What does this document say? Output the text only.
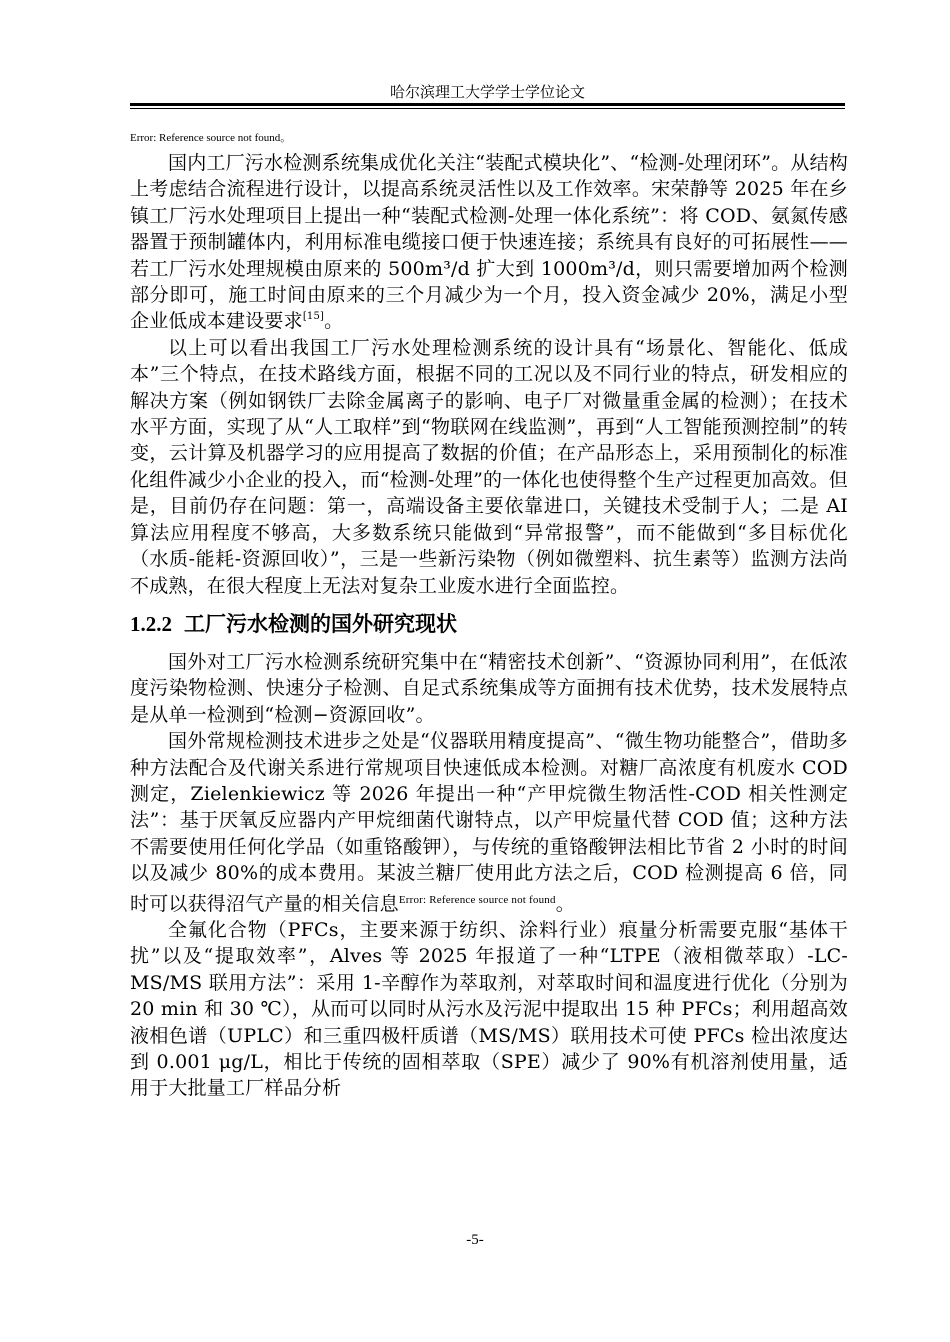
哈尔滨理工大学学士学位论文
Error: Reference source not found。

国内工厂污水检测系统集成优化关注“装配式模块化”、“检测-处理闭环”。从结构上考虑结合流程进行设计，以提高系统灵活性以及工作效率。宋荣静等 2025 年在乡镇工厂污水处理项目上提出一种“装配式检测-处理一体化系统”：将 COD、氨氮传感器置于预制罐体内，利用标准电缆接口便于快速连接；系统具有良好的可拓展性——若工厂污水处理规模由原来的 500m³/d 扩大到 1000m³/d，则只需要增加两个检测部分即可，施工时间由原来的三个月减少为一个月，投入资金减少 20%，满足小型企业低成本建设要求[15]。

以上可以看出我国工厂污水处理检测系统的设计具有“场景化、智能化、低成本”三个特点，在技术路线方面，根据不同的工况以及不同行业的特点，研发相应的解决方案（例如钢铁厂去除金属离子的影响、电子厂对微量重金属的检测）；在技术水平方面，实现了从“人工取样”到“物联网在线监测”，再到“人工智能预测控制”的转变，云计算及机器学习的应用提高了数据的价值；在产品形态上，采用预制化的标准化组件减少小企业的投入，而“检测-处理”的一体化也使得整个生产过程更加高效。但是，目前仍存在问题：第一，高端设备主要依靠进口，关键技术受制于人；二是 AI 算法应用程度不够高，大多数系统只能做到“异常报警”，而不能做到“多目标优化（水质-能耗-资源回收）”，三是一些新污染物（例如微塑料、抗生素等）监测方法尚不成熟，在很大程度上无法对复杂工业废水进行全面监控。

1.2.2 工厂污水检测的国外研究现状

国外对工厂污水检测系统研究集中在“精密技术创新”、“资源协同利用”，在低浓度污染物检测、快速分子检测、自足式系统集成等方面拥有技术优势，技术发展特点是从单一检测到“检测−资源回收”。

国外常规检测技术进步之处是“仪器联用精度提高”、“微生物功能整合”，借助多种方法配合及代谢关系进行常规项目快速低成本检测。对糖厂高浓度有机废水 COD 测定，Zielenkiewicz 等 2026 年提出一种“产甲烷微生物活性-COD 相关性测定法”：基于厌氧反应器内产甲烷细菌代谢特点，以产甲烷量代替 COD 值；这种方法不需要使用任何化学品（如重铬酸钾），与传统的重铬酸钾法相比节省 2 小时的时间以及减少 80%的成本费用。某波兰糖厂使用此方法之后，COD 检测提高 6 倍，同时可以获得沼气产量的相关信息$^{Error: Reference source not found}$。

全氟化合物（PFCs，主要来源于纺织、涂料行业）痕量分析需要克服“基体干扰”以及“提取效率”，Alves 等 2025 年报道了一种“LTPE（液相微萃取）-LC-MS/MS 联用方法”：采用 1-辛醇作为萃取剂，对萃取时间和温度进行优化（分别为 20 min 和 30 ℃），从而可以同时从污水及污泥中提取出 15 种 PFCs；利用超高效液相色谱（UPLC）和三重四极杆质谱（MS/MS）联用技术可使 PFCs 检出浓度达到 0.001 μg/L，相比于传统的固相萃取（SPE）减少了 90%有机溶剂使用量，适用于大批量工厂样品分析

-5-
